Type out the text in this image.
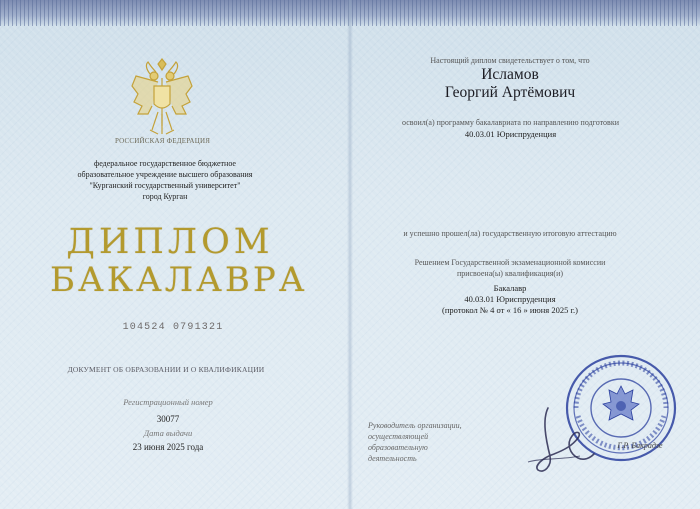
РОССИЙСКАЯ ФЕДЕРАЦИЯ

федеральное государственное бюджетное
образовательное учреждение высшего образования
"Курганский государственный университет"
город Курган

ДИПЛОМ

БАКАЛАВРА

104524 0791321

ДОКУМЕНТ ОБ ОБРАЗОВАНИИ И О КВАЛИФИКАЦИИ

Регистрационный номер

30077

Дата выдачи

23 июня 2025 года

Настоящий диплом свидетельствует о том, что

Исламов

Георгий Артёмович

освоил(а) программу бакалавриата по направлению подготовки

40.03.01 Юриспруденция

и успешно прошел(ла) государственную итоговую аттестацию

Решением Государственной экзаменационной комиссии
присвоена(ы) квалификация(и)
Бакалавр
40.03.01 Юриспруденция
(протокол № 4 от « 16 » июня 2025 г.)
Руководитель организации,
осуществляющей образовательную
деятельность

Г.Р. Бакрадзе
